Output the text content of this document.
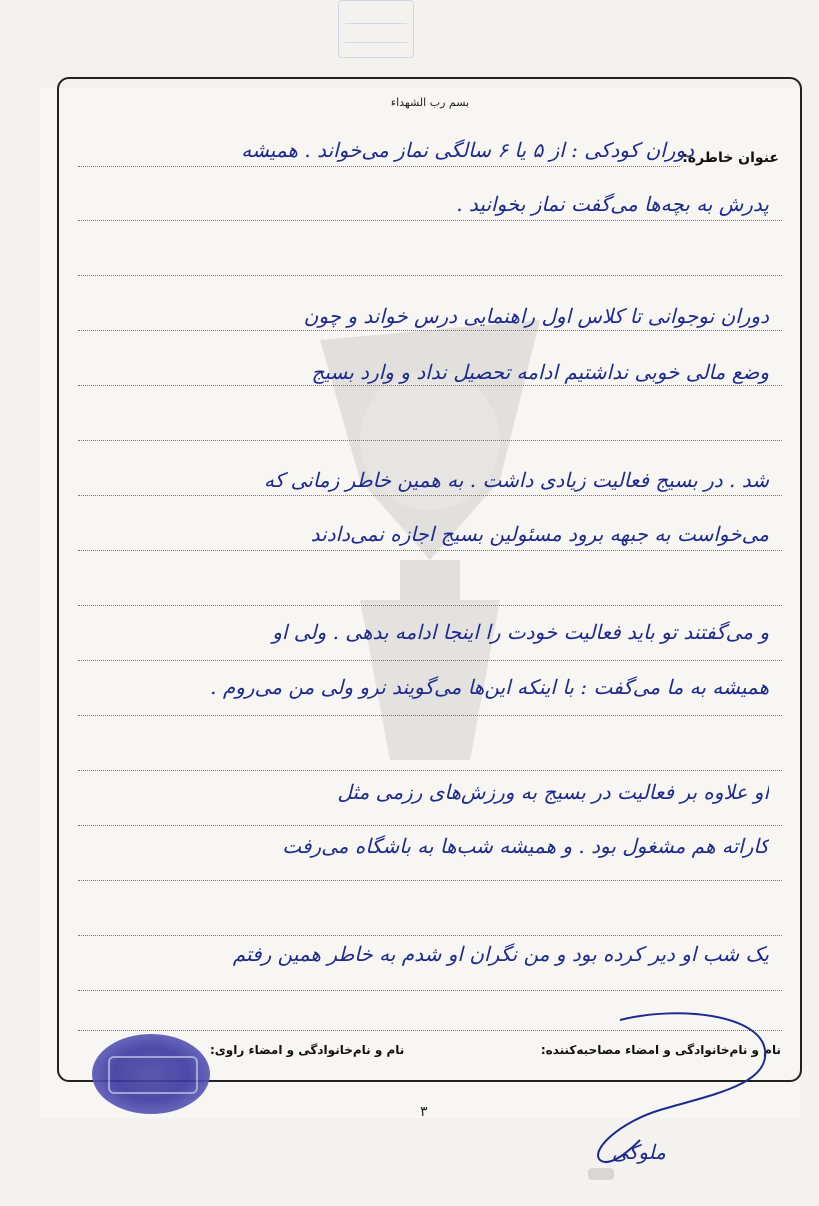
بسم رب الشهداء
عنوان خاطره:
دوران کودکی : از ۵ یا ۶ سالگی نماز می‌خواند . همیشه
پدرش به بچه‌ها می‌گفت نماز بخوانید .
دوران نوجوانی تا کلاس اول راهنمایی درس خواند و چون
وضع مالی خوبی نداشتیم ادامه تحصیل نداد و وارد بسیج
شد . در بسیج فعالیت زیادی داشت . به همین خاطر زمانی که
می‌خواست به جبهه برود مسئولین بسیج اجازه نمی‌دادند
و می‌گفتند تو باید فعالیت خودت را اینجا ادامه بدهی . ولی او
همیشه به ما می‌گفت : با اینکه این‌ها می‌گویند نرو ولی من می‌روم .
او علاوه بر فعالیت در بسیج به ورزش‌های رزمی مثل
کاراته هم مشغول بود . و همیشه شب‌ها به باشگاه می‌رفت
یک شب او دیر کرده بود و من نگران او شدم به خاطر همین رفتم
نام و نام‌خانوادگی و امضاء مصاحبه‌کننده:
نام و نام‌خانوادگی و امضاء راوی:
ملوکی
٣
